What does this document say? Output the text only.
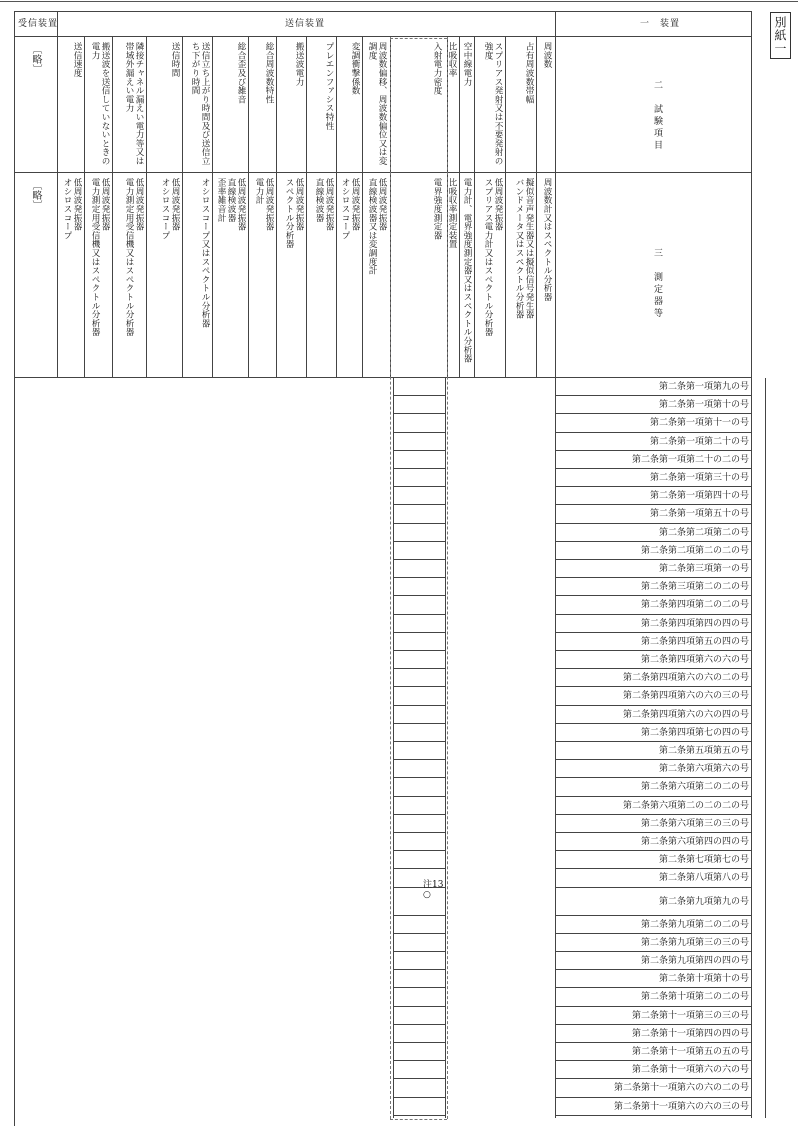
別紙一
受信装置	送信装置	一　装置
〔略〕
〔略〕
二　試験項目
三　測定器等
周波数
周波数計又はスペクトル分析器
占有周波数帯幅
擬似音声発生器又は擬似信号発生器
バンドメータ又はスペクトル分析器
スプリアス発射又は不要発射の
強度
低周波発振器
スプリアス電力計又はスペクトル分析器
空中線電力
電力計、電界強度測定器又はスペクトル分析器
比吸収率
比吸収率測定装置
入射電力密度
電界強度測定器
周波数偏移、周波数偏位又は変
調度
低周波発振器
直線検波器又は変調度計
変調衝撃係数
低周波発振器
オシロスコープ
プレエンファシス特性
低周波発振器
直線検波器
搬送波電力
低周波発振器
スペクトル分析器
総合周波数特性
低周波発振器
電力計
総合歪及び雑音
低周波発振器
直線検波器
歪率雑音計
送信立ち上がり時間及び送信立
ち下がり時間
オシロスコープ又はスペクトル分析器
送信時間
低周波発振器
オシロスコープ
隣接チャネル漏えい電力等又は
帯域外漏えい電力
低周波発振器
電力測定用受信機又はスペクトル分析器
搬送波を送信していないときの
電力
低周波発振器
電力測定用受信機又はスペクトル分析器
送信速度
低周波発振器
オシロスコープ
注13○
第二条第一項第九の号
第二条第一項第十の号
第二条第一項第十一の号
第二条第一項第二十の号
第二条第一項第二十の二の号
第二条第一項第三十の号
第二条第一項第四十の号
第二条第一項第五十の号
第二条第二項第二の号
第二条第二項第二の二の号
第二条第三項第一の号
第二条第三項第二の二の号
第二条第四項第二の二の号
第二条第四項第四の四の号
第二条第四項第五の四の号
第二条第四項第六の六の号
第二条第四項第六の六の二の号
第二条第四項第六の六の三の号
第二条第四項第六の六の四の号
第二条第四項第七の四の号
第二条第五項第五の号
第二条第六項第六の号
第二条第六項第二の二の号
第二条第六項第二の二の二の号
第二条第六項第三の三の号
第二条第六項第四の四の号
第二条第七項第七の号
第二条第八項第八の号
第二条第九項第九の号
第二条第九項第二の二の号
第二条第九項第三の三の号
第二条第九項第四の四の号
第二条第十項第十の号
第二条第十項第二の二の号
第二条第十一項第三の三の号
第二条第十一項第四の四の号
第二条第十一項第五の五の号
第二条第十一項第六の六の号
第二条第十一項第六の六の二の号
第二条第十一項第六の六の三の号
